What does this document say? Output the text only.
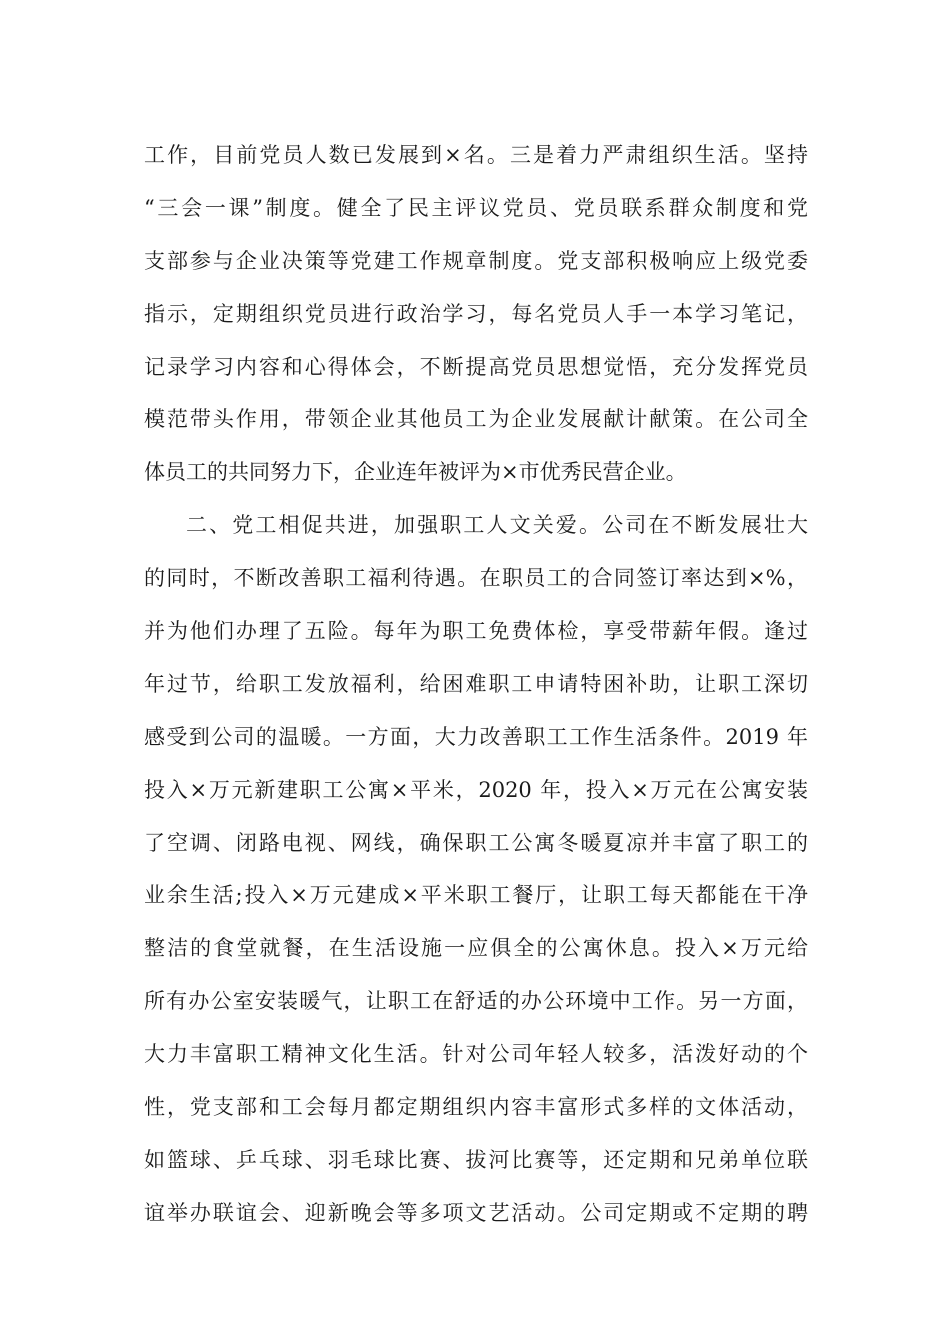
工作，目前党员人数已发展到×名。三是着力严肃组织生活。坚持
“三会一课”制度。健全了民主评议党员、党员联系群众制度和党
支部参与企业决策等党建工作规章制度。党支部积极响应上级党委
指示，定期组织党员进行政治学习，每名党员人手一本学习笔记，
记录学习内容和心得体会，不断提高党员思想觉悟，充分发挥党员
模范带头作用，带领企业其他员工为企业发展献计献策。在公司全
体员工的共同努力下，企业连年被评为×市优秀民营企业。
二、党工相促共进，加强职工人文关爱。公司在不断发展壮大
的同时，不断改善职工福利待遇。在职员工的合同签订率达到×%，
并为他们办理了五险。每年为职工免费体检，享受带薪年假。逢过
年过节，给职工发放福利，给困难职工申请特困补助，让职工深切
感受到公司的温暖。一方面，大力改善职工工作生活条件。2019 年
投入×万元新建职工公寓×平米，2020 年，投入×万元在公寓安装
了空调、闭路电视、网线，确保职工公寓冬暖夏凉并丰富了职工的
业余生活;投入×万元建成×平米职工餐厅，让职工每天都能在干净
整洁的食堂就餐，在生活设施一应俱全的公寓休息。投入×万元给
所有办公室安装暖气，让职工在舒适的办公环境中工作。另一方面，
大力丰富职工精神文化生活。针对公司年轻人较多，活泼好动的个
性，党支部和工会每月都定期组织内容丰富形式多样的文体活动，
如篮球、乒乓球、羽毛球比赛、拔河比赛等，还定期和兄弟单位联
谊举办联谊会、迎新晚会等多项文艺活动。公司定期或不定期的聘
